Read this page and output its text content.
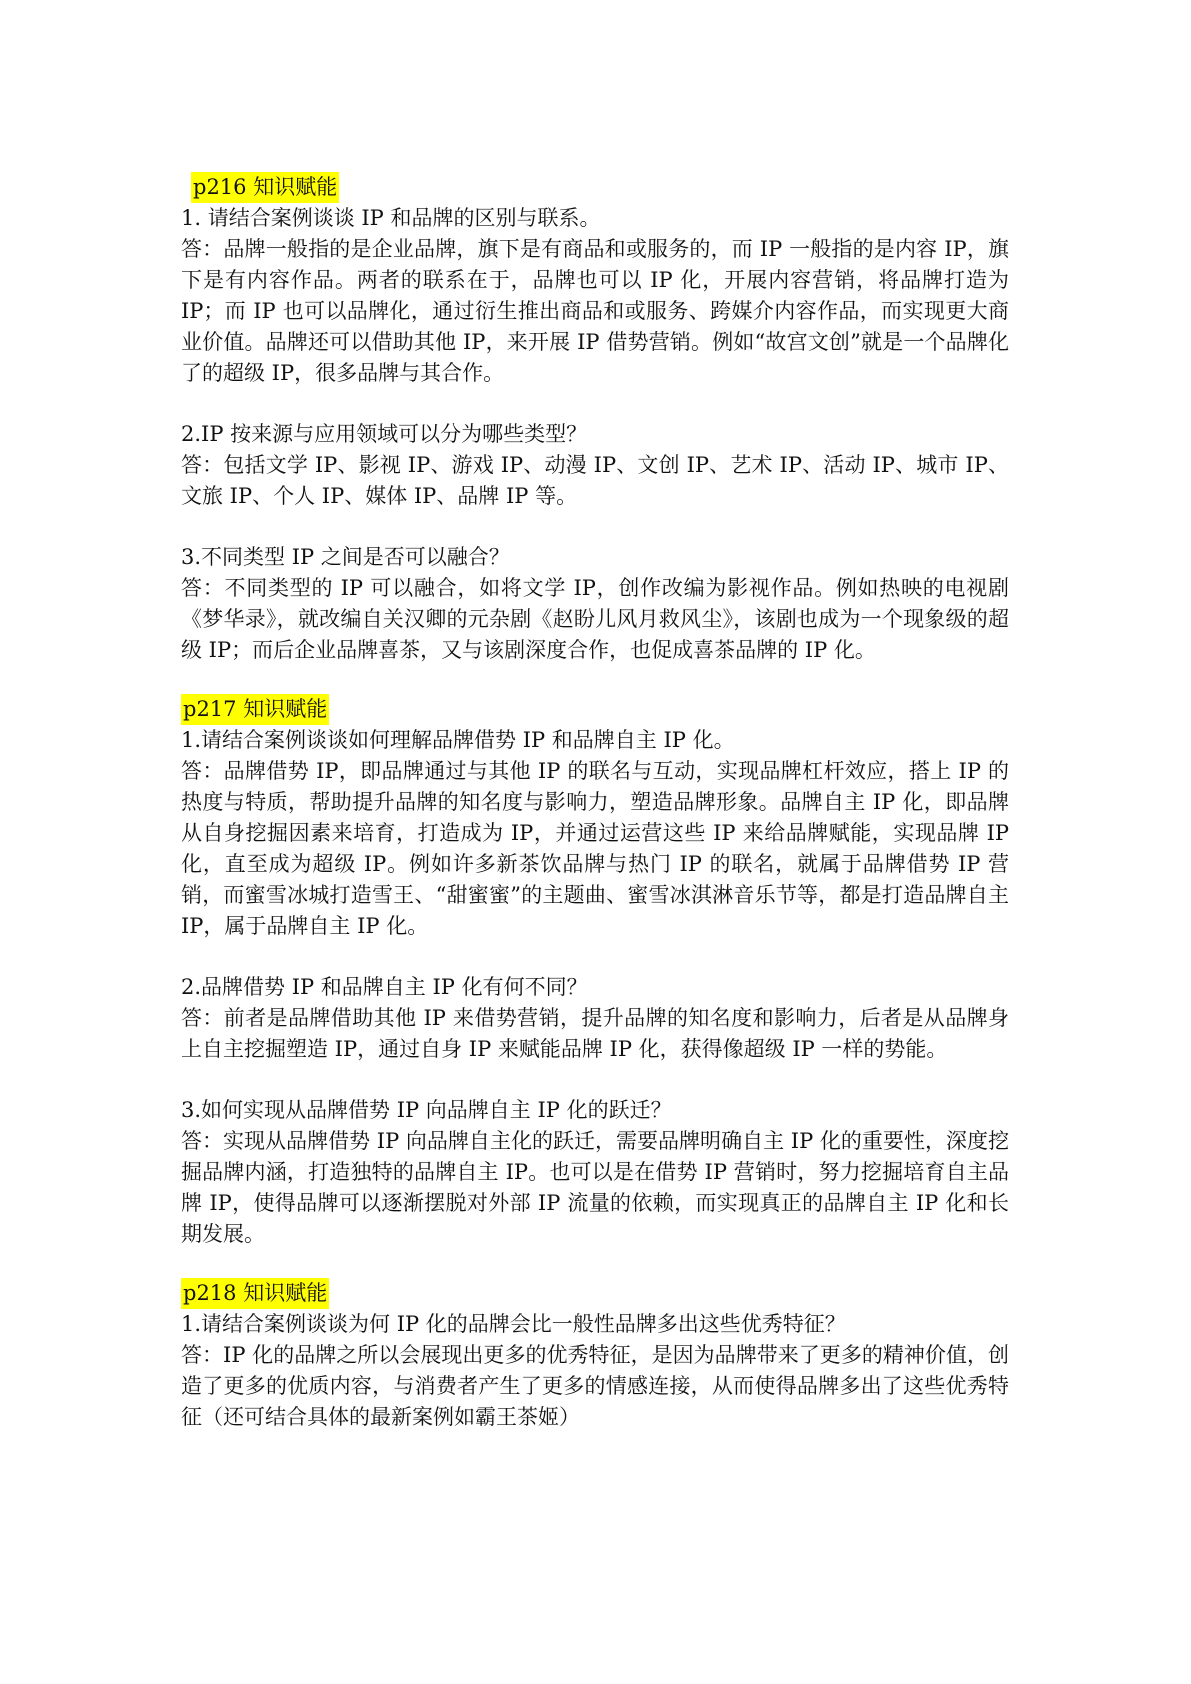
p216 知识赋能

1. 请结合案例谈谈 IP 和品牌的区别与联系。

答：品牌一般指的是企业品牌，旗下是有商品和或服务的，而 IP 一般指的是内容 IP，旗下是有内容作品。两者的联系在于，品牌也可以 IP 化，开展内容营销，将品牌打造为 IP；而 IP 也可以品牌化，通过衍生推出商品和或服务、跨媒介内容作品，而实现更大商业价值。品牌还可以借助其他 IP，来开展 IP 借势营销。例如“故宫文创”就是一个品牌化了的超级 IP，很多品牌与其合作。

2.IP 按来源与应用领域可以分为哪些类型？

答：包括文学 IP、影视 IP、游戏 IP、动漫 IP、文创 IP、艺术 IP、活动 IP、城市 IP、文旅 IP、个人 IP、媒体 IP、品牌 IP 等。

3.不同类型 IP 之间是否可以融合？

答：不同类型的 IP 可以融合，如将文学 IP，创作改编为影视作品。例如热映的电视剧《梦华录》，就改编自关汉卿的元杂剧《赵盼儿风月救风尘》，该剧也成为一个现象级的超级 IP；而后企业品牌喜茶，又与该剧深度合作，也促成喜茶品牌的 IP 化。

p217 知识赋能

1.请结合案例谈谈如何理解品牌借势 IP 和品牌自主 IP 化。

答：品牌借势 IP，即品牌通过与其他 IP 的联名与互动，实现品牌杠杆效应，搭上 IP 的热度与特质，帮助提升品牌的知名度与影响力，塑造品牌形象。品牌自主 IP 化，即品牌从自身挖掘因素来培育，打造成为 IP，并通过运营这些 IP 来给品牌赋能，实现品牌 IP 化，直至成为超级 IP。例如许多新茶饮品牌与热门 IP 的联名，就属于品牌借势 IP 营销，而蜜雪冰城打造雪王、“甜蜜蜜”的主题曲、蜜雪冰淇淋音乐节等，都是打造品牌自主 IP，属于品牌自主 IP 化。

2.品牌借势 IP 和品牌自主 IP 化有何不同？

答：前者是品牌借助其他 IP 来借势营销，提升品牌的知名度和影响力，后者是从品牌身上自主挖掘塑造 IP，通过自身 IP 来赋能品牌 IP 化，获得像超级 IP 一样的势能。

3.如何实现从品牌借势 IP 向品牌自主 IP 化的跃迁？

答：实现从品牌借势 IP 向品牌自主化的跃迁，需要品牌明确自主 IP 化的重要性，深度挖掘品牌内涵，打造独特的品牌自主 IP。也可以是在借势 IP 营销时，努力挖掘培育自主品牌 IP，使得品牌可以逐渐摆脱对外部 IP 流量的依赖，而实现真正的品牌自主 IP 化和长期发展。

p218 知识赋能

1.请结合案例谈谈为何 IP 化的品牌会比一般性品牌多出这些优秀特征？

答：IP 化的品牌之所以会展现出更多的优秀特征，是因为品牌带来了更多的精神价值，创造了更多的优质内容，与消费者产生了更多的情感连接，从而使得品牌多出了这些优秀特征（还可结合具体的最新案例如霸王茶姬）
